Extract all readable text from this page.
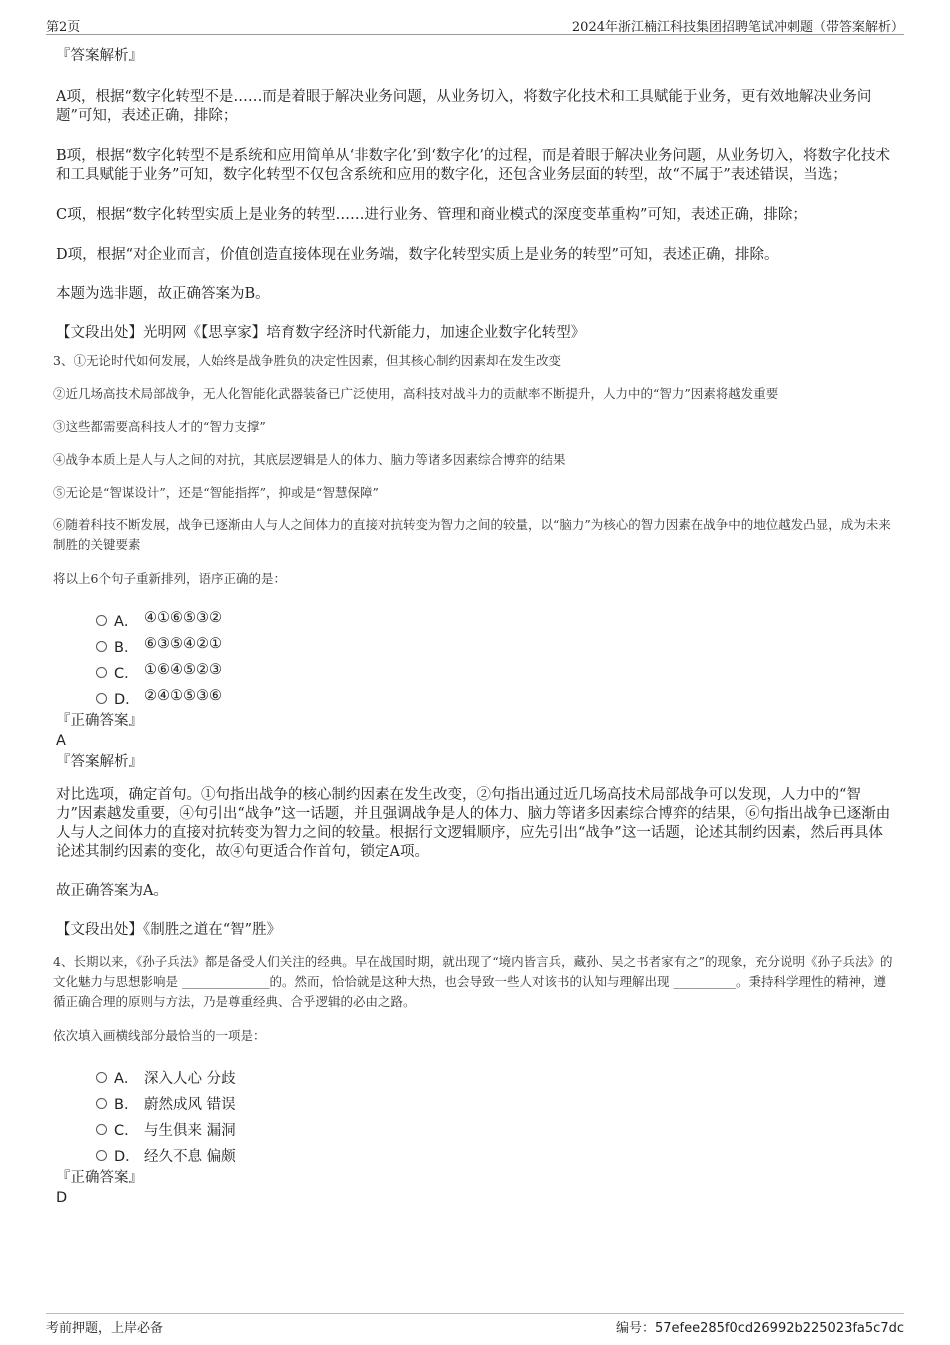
第2页	2024年浙江楠江科技集团招聘笔试冲刺题（带答案解析）
『答案解析』

A项，根据“数字化转型不是……而是着眼于解决业务问题，从业务切入，将数字化技术和工具赋能于业务，更有效地解决业务问题”可知，表述正确，排除；

B项，根据“数字化转型不是系统和应用简单从‘非数字化’到‘数字化’的过程，而是着眼于解决业务问题，从业务切入，将数字化技术和工具赋能于业务”可知，数字化转型不仅包含系统和应用的数字化，还包含业务层面的转型，故“不属于”表述错误，当选；

C项，根据“数字化转型实质上是业务的转型……进行业务、管理和商业模式的深度变革重构”可知，表述正确，排除；

D项，根据“对企业而言，价值创造直接体现在业务端，数字化转型实质上是业务的转型”可知，表述正确，排除。

本题为选非题，故正确答案为B。

【文段出处】光明网《【思享家】培育数字经济时代新能力，加速企业数字化转型》

3、①无论时代如何发展，人始终是战争胜负的决定性因素，但其核心制约因素却在发生改变

②近几场高技术局部战争，无人化智能化武器装备已广泛使用，高科技对战斗力的贡献率不断提升，人力中的“智力”因素将越发重要

③这些都需要高科技人才的“智力支撑”

④战争本质上是人与人之间的对抗，其底层逻辑是人的体力、脑力等诸多因素综合博弈的结果

⑤无论是“智谋设计”，还是“智能指挥”，抑或是“智慧保障”

⑥随着科技不断发展，战争已逐渐由人与人之间体力的直接对抗转变为智力之间的较量，以“脑力”为核心的智力因素在战争中的地位越发凸显，成为未来制胜的关键要素

将以上6个句子重新排列，语序正确的是：

A． ④①⑥⑤③②
B． ⑥③⑤④②①
C． ①⑥④⑤②③
D． ②④①⑤③⑥
『正确答案』
A
『答案解析』

对比选项，确定首句。①句指出战争的核心制约因素在发生改变，②句指出通过近几场高技术局部战争可以发现，人力中的“智力”因素越发重要，④句引出“战争”这一话题，并且强调战争是人的体力、脑力等诸多因素综合博弈的结果，⑥句指出战争已逐渐由人与人之间体力的直接对抗转变为智力之间的较量。根据行文逻辑顺序，应先引出“战争”这一话题，论述其制约因素，然后再具体论述其制约因素的变化，故④句更适合作首句，锁定A项。

故正确答案为A。

【文段出处】《制胜之道在“智”胜》

4、长期以来，《孙子兵法》都是备受人们关注的经典。早在战国时期，就出现了“境内皆言兵，藏孙、吴之书者家有之”的现象，充分说明《孙子兵法》的文化魅力与思想影响是 ______________的。然而，恰恰就是这种大热，也会导致一些人对该书的认知与理解出现 __________。秉持科学理性的精神，遵循正确合理的原则与方法，乃是尊重经典、合乎逻辑的必由之路。

依次填入画横线部分最恰当的一项是：

A． 深入人心 分歧
B． 蔚然成风 错误
C． 与生俱来 漏洞
D． 经久不息 偏颇
『正确答案』
D
考前押题，上岸必备	编号：57efee285f0cd26992b225023fa5c7dc
